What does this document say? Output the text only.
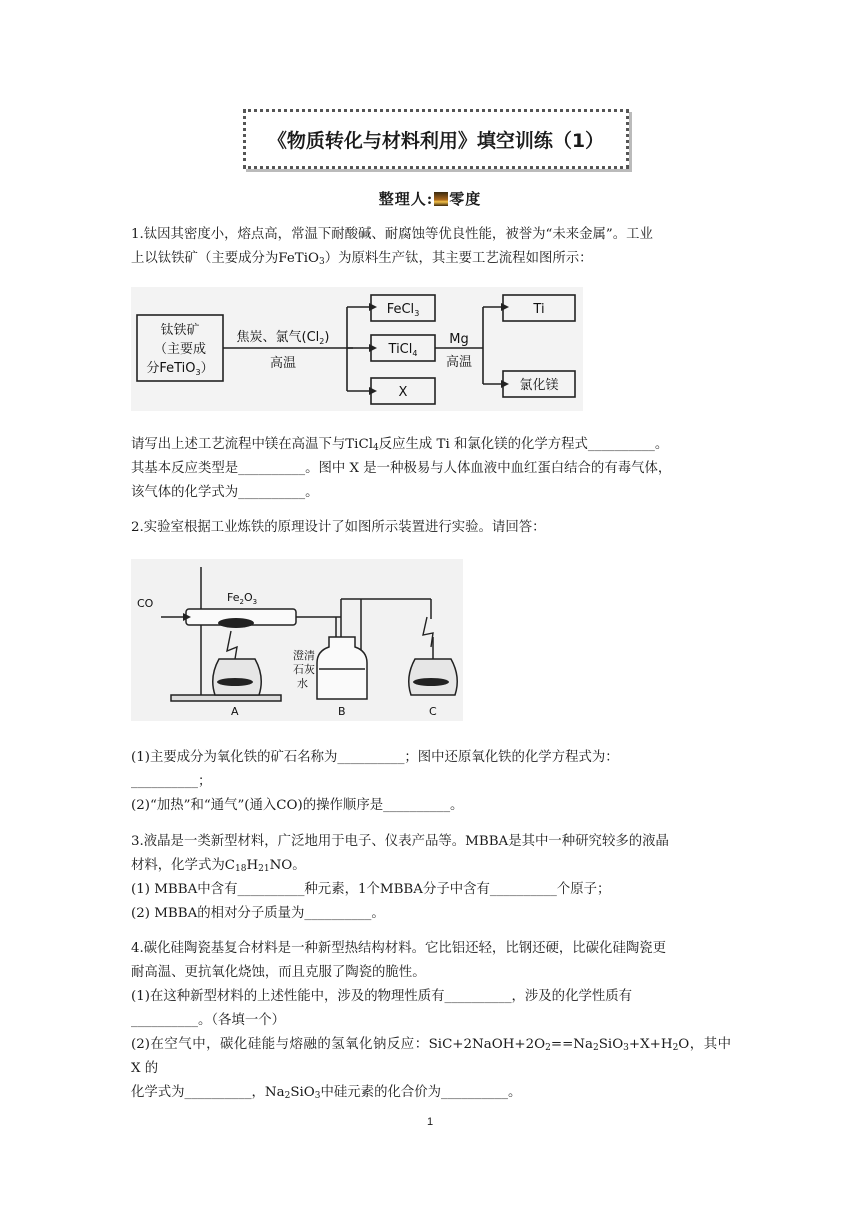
《物质转化与材料利用》填空训练（1）
整理人: 零度
1.钛因其密度小，熔点高，常温下耐酸碱、耐腐蚀等优良性能，被誉为“未来金属”。工业
上以钛铁矿（主要成分为FeTiO$_3$）为原料生产钛，其主要工艺流程如图所示：
钛铁矿
（主要成
分FeTiO$_3$）
焦炭、氯气$(Cl_2)$
高温
FeCl$_3$
TiCl$_4$
X
Mg
高温
Ti
氯化镁
请写出上述工艺流程中镁在高温下与TiCl$_4$反应生成 Ti 和氯化镁的化学方程式__________。
其基本反应类型是__________。图中 X 是一种极易与人体血液中血红蛋白结合的有毒气体，
该气体的化学式为__________。
2.实验室根据工业炼铁的原理设计了如图所示装置进行实验。请回答：
CO	$Fe_2O_3$
澄清
石灰
水
A	B	C
(1)主要成分为氧化铁的矿石名称为__________；图中还原氧化铁的化学方程式为：
__________；
(2)“加热”和“通气”(通入CO)的操作顺序是__________。
3.液晶是一类新型材料，广泛地用于电子、仪表产品等。MBBA是其中一种研究较多的液晶
材料，化学式为$C_{18}H_{21}NO$。
(1) MBBA中含有__________种元素，1个MBBA分子中含有__________个原子；
(2) MBBA的相对分子质量为__________。
4.碳化硅陶瓷基复合材料是一种新型热结构材料。它比铝还轻，比钢还硬，比碳化硅陶瓷更
耐高温、更抗氧化烧蚀，而且克服了陶瓷的脆性。
(1)在这种新型材料的上述性能中，涉及的物理性质有__________，涉及的化学性质有
__________。（各填一个）
(2)在空气中，碳化硅能与熔融的氢氧化钠反应：$SiC+2NaOH+2O_2==Na_2SiO_3+X+H_2O$，其中 X 的
化学式为__________，$Na_2SiO_3$中硅元素的化合价为__________。
1
